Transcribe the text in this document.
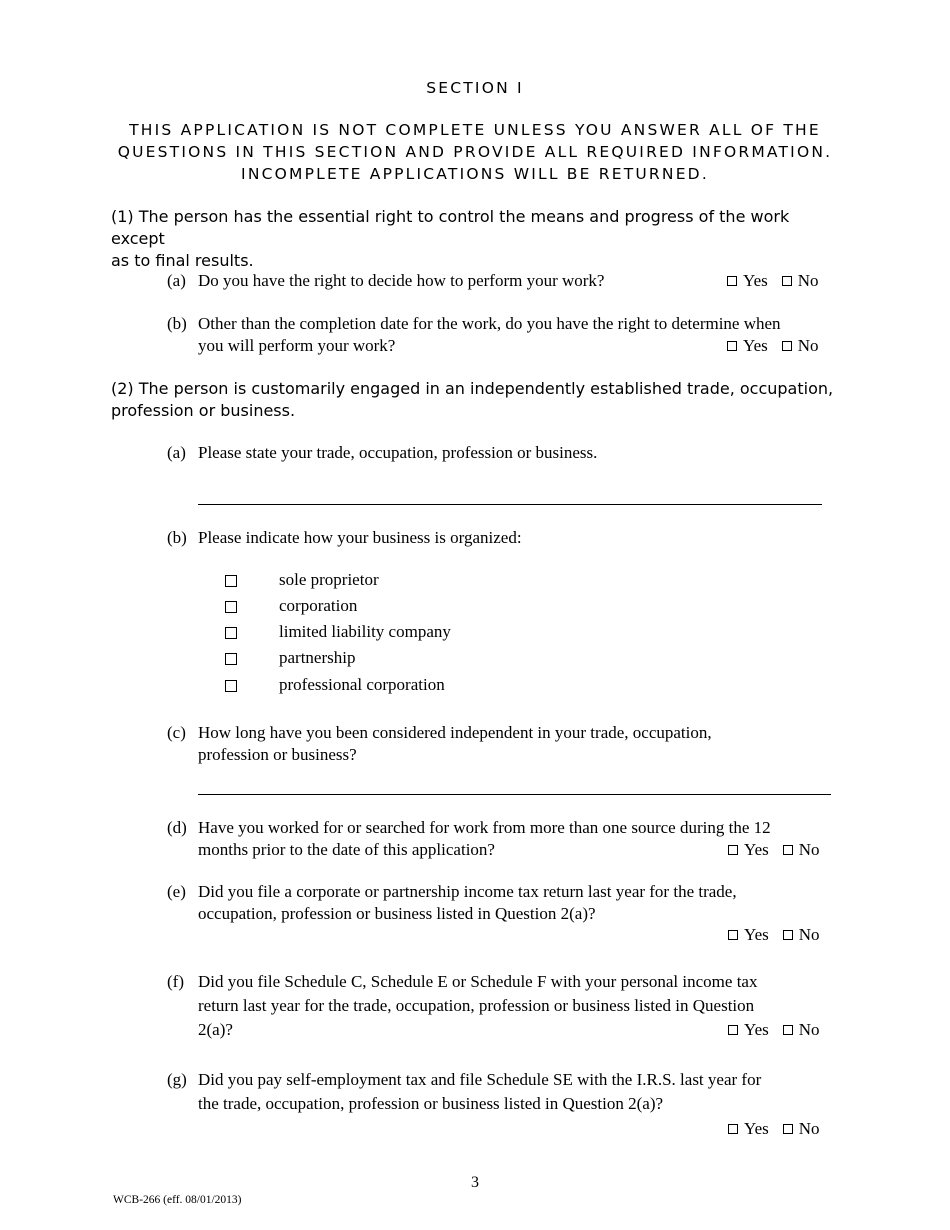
SECTION I
THIS APPLICATION IS NOT COMPLETE UNLESS YOU ANSWER ALL OF THE
QUESTIONS IN THIS SECTION AND PROVIDE ALL REQUIRED INFORMATION.
INCOMPLETE APPLICATIONS WILL BE RETURNED.
(1) The person has the essential right to control the means and progress of the work except
as to final results.
(a) Do you have the right to decide how to perform your work?	Yes No
(b) Other than the completion date for the work, do you have the right to determine when
you will perform your work?	Yes No
(2) The person is customarily engaged in an independently established trade, occupation,
profession or business.
(a) Please state your trade, occupation, profession or business.
(b) Please indicate how your business is organized:
sole proprietor
corporation
limited liability company
partnership
professional corporation
(c) How long have you been considered independent in your trade, occupation,
profession or business?
(d) Have you worked for or searched for work from more than one source during the 12
months prior to the date of this application?	Yes No
(e) Did you file a corporate or partnership income tax return last year for the trade,
occupation, profession or business listed in Question 2(a)?
Yes No
(f) Did you file Schedule C, Schedule E or Schedule F with your personal income tax
return last year for the trade, occupation, profession or business listed in Question
2(a)?	Yes No
(g) Did you pay self-employment tax and file Schedule SE with the I.R.S. last year for
the trade, occupation, profession or business listed in Question 2(a)?
Yes No
3
WCB-266 (eff. 08/01/2013)
